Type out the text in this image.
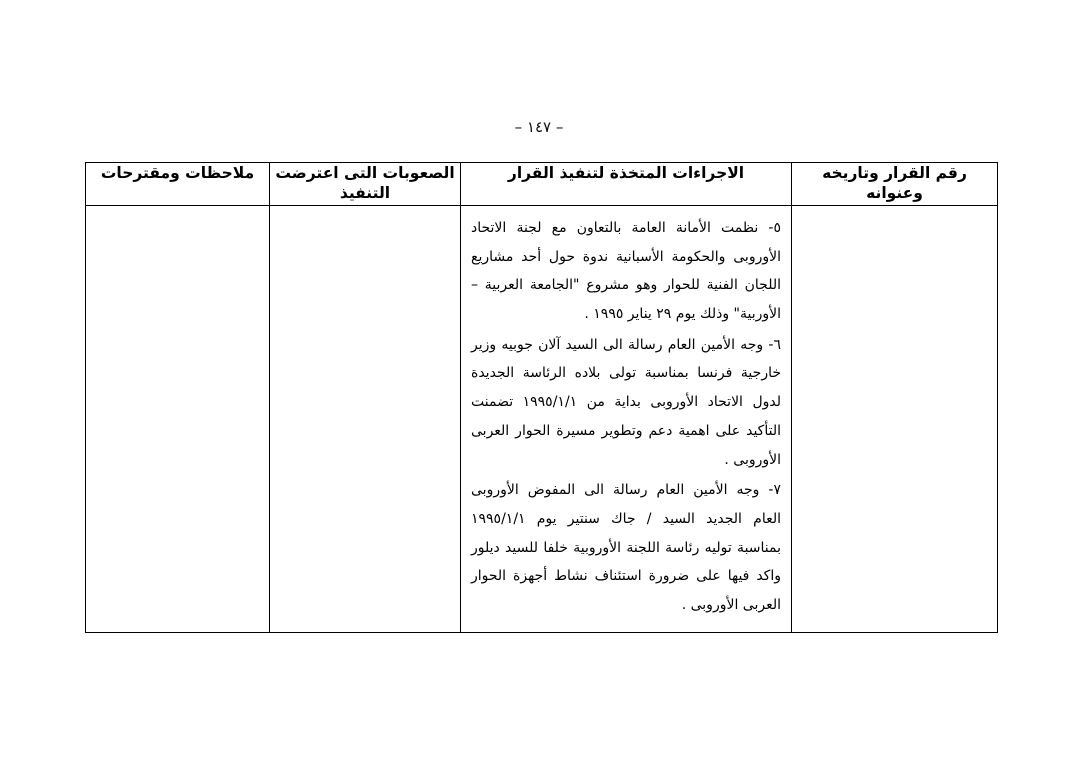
– ١٤٧ –
رقم القرار وتاريخه وعنوانه	الاجراءات المتخذة لتنفيذ القرار	الصعوبات التى اعترضت التنفيذ	ملاحظات ومقترحات

	٥- نظمت الأمانة العامة بالتعاون مع لجنة الاتحاد الأوروبى والحكومة الأسبانية ندوة حول أحد مشاريع اللجان الفنية للحوار وهو مشروع "الجامعة العربية – الأوربية" وذلك يوم ٢٩ يناير ١٩٩٥ .
٦- وجه الأمين العام رسالة الى السيد آلان جوبيه وزير خارجية فرنسا بمناسبة تولى بلاده الرئاسة الجديدة لدول الاتحاد الأوروبى بداية من ١٩٩٥/١/١ تضمنت التأكيد على اهمية دعم وتطوير مسيرة الحوار العربى الأوروبى .
٧- وجه الأمين العام رسالة الى المفوض الأوروبى العام الجديد السيد / جاك سنتير يوم ١٩٩٥/١/١ بمناسبة توليه رئاسة اللجنة الأوروبية خلفا للسيد ديلور واكد فيها على ضرورة استئناف نشاط أجهزة الحوار العربى الأوروبى .		
